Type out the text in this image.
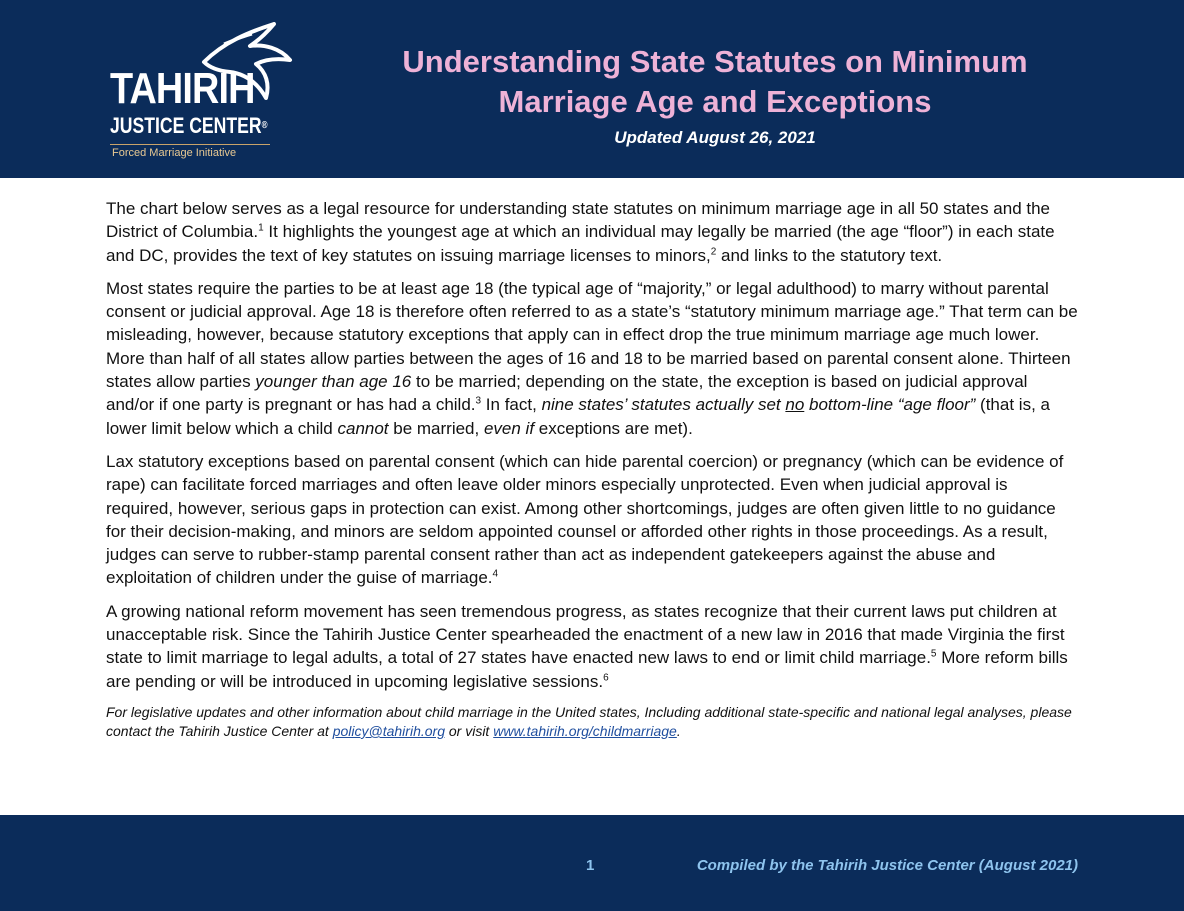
TAHIRIH
JUSTICE CENTER®
Forced Marriage Initiative
Understanding State Statutes on Minimum
Marriage Age and Exceptions
Updated August 26, 2021

The chart below serves as a legal resource for understanding state statutes on minimum marriage age in all 50 states and the District of Columbia.$^1$ It highlights the youngest age at which an individual may legally be married (the age “floor”) in each state and DC, provides the text of key statutes on issuing marriage licenses to minors,$^2$ and links to the statutory text.

Most states require the parties to be at least age 18 (the typical age of “majority,” or legal adulthood) to marry without parental consent or judicial approval. Age 18 is therefore often referred to as a state’s “statutory minimum marriage age.” That term can be misleading, however, because statutory exceptions that apply can in effect drop the true minimum marriage age much lower. More than half of all states allow parties between the ages of 16 and 18 to be married based on parental consent alone. Thirteen states allow parties younger than age 16 to be married; depending on the state, the exception is based on judicial approval and/or if one party is pregnant or has had a child.$^3$ In fact, nine states’ statutes actually set no bottom-line “age floor” (that is, a lower limit below which a child cannot be married, even if exceptions are met).

Lax statutory exceptions based on parental consent (which can hide parental coercion) or pregnancy (which can be evidence of rape) can facilitate forced marriages and often leave older minors especially unprotected. Even when judicial approval is required, however, serious gaps in protection can exist. Among other shortcomings, judges are often given little to no guidance for their decision-making, and minors are seldom appointed counsel or afforded other rights in those proceedings. As a result, judges can serve to rubber-stamp parental consent rather than act as independent gatekeepers against the abuse and exploitation of children under the guise of marriage.$^4$

A growing national reform movement has seen tremendous progress, as states recognize that their current laws put children at unacceptable risk. Since the Tahirih Justice Center spearheaded the enactment of a new law in 2016 that made Virginia the first state to limit marriage to legal adults, a total of 27 states have enacted new laws to end or limit child marriage.$^5$ More reform bills are pending or will be introduced in upcoming legislative sessions.$^6$

For legislative updates and other information about child marriage in the United states, Including additional state-specific and national legal analyses, please contact the Tahirih Justice Center at policy@tahirih.org or visit www.tahirih.org/childmarriage.

1	Compiled by the Tahirih Justice Center (August 2021)
